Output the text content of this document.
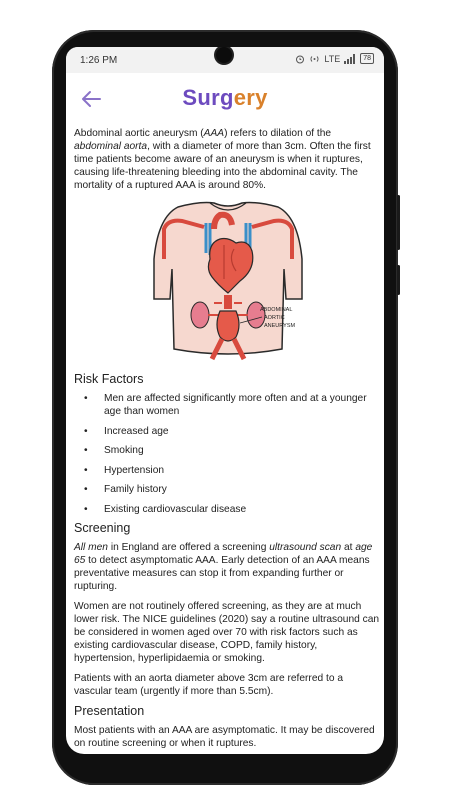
1:26 PM	LTE	78
Surgery

Abdominal aortic aneurysm (AAA) refers to dilation of the abdominal aorta, with a diameter of more than 3cm. Often the first time patients become aware of an aneurysm is when it ruptures, causing life-threatening bleeding into the abdominal cavity. The mortality of a ruptured AAA is around 80%.

ABDOMINAL
AORTIC
ANEURYSM
Risk Factors
• Men are affected significantly more often and at a younger age than women
• Increased age
• Smoking
• Hypertension
• Family history
• Existing cardiovascular disease
Screening

All men in England are offered a screening ultrasound scan at age 65 to detect asymptomatic AAA. Early detection of an AAA means preventative measures can stop it from expanding further or rupturing.

Women are not routinely offered screening, as they are at much lower risk. The NICE guidelines (2020) say a routine ultrasound can be considered in women aged over 70 with risk factors such as existing cardiovascular disease, COPD, family history, hypertension, hyperlipidaemia or smoking.

Patients with an aorta diameter above 3cm are referred to a vascular team (urgently if more than 5.5cm).

Presentation

Most patients with an AAA are asymptomatic. It may be discovered on routine screening or when it ruptures.
